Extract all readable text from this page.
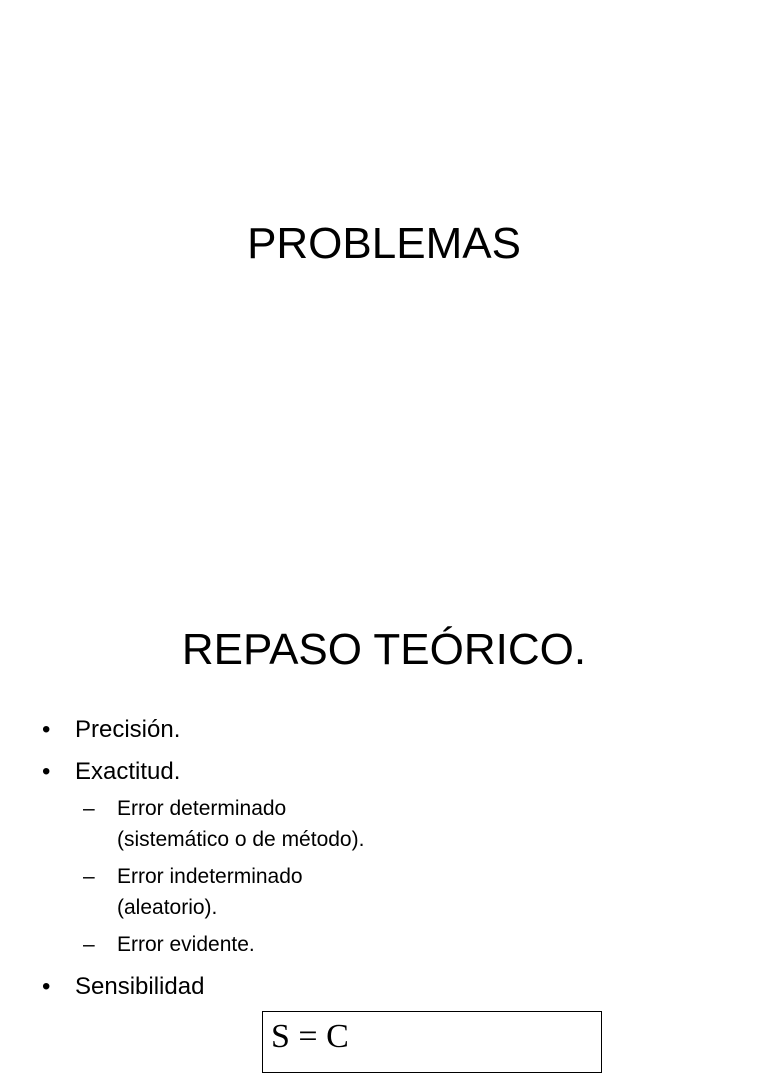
PROBLEMAS
REPASO TEÓRICO.
•	Precisión.
•	Exactitud.
– Error determinado (sistemático o de método).
– Error indeterminado (aleatorio).
– Error evidente.
•	Sensibilidad
S = C
